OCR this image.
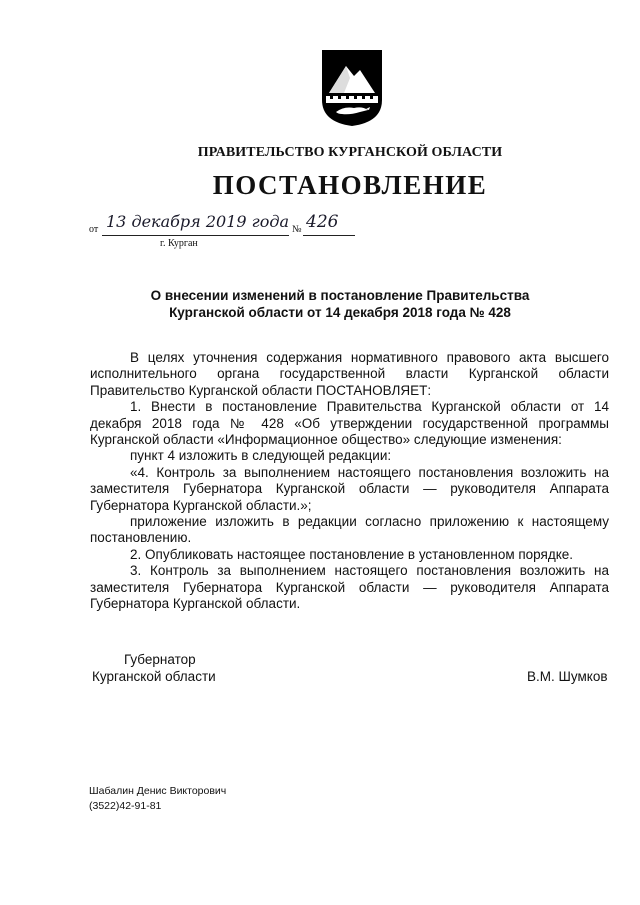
ПРАВИТЕЛЬСТВО КУРГАНСКОЙ ОБЛАСТИ
ПОСТАНОВЛЕНИЕ
от 13 декабря 2019 года № 426
г. Курган
О внесении изменений в постановление Правительства
Курганской области от 14 декабря 2018 года № 428

В целях уточнения содержания нормативного правового акта высшего исполнительного органа государственной власти Курганской области Правительство Курганской области ПОСТАНОВЛЯЕТ:

1. Внести в постановление Правительства Курганской области от 14 декабря 2018 года № 428 «Об утверждении государственной программы Курганской области «Информационное общество» следующие изменения:

пункт 4 изложить в следующей редакции:

«4. Контроль за выполнением настоящего постановления возложить на заместителя Губернатора Курганской области — руководителя Аппарата Губернатора Курганской области.»;

приложение изложить в редакции согласно приложению к настоящему постановлению.

2. Опубликовать настоящее постановление в установленном порядке.

3. Контроль за выполнением настоящего постановления возложить на заместителя Губернатора Курганской области — руководителя Аппарата Губернатора Курганской области.

Губернатор
Курганской области	В.М. Шумков
Шабалин Денис Викторович
(3522)42-91-81
